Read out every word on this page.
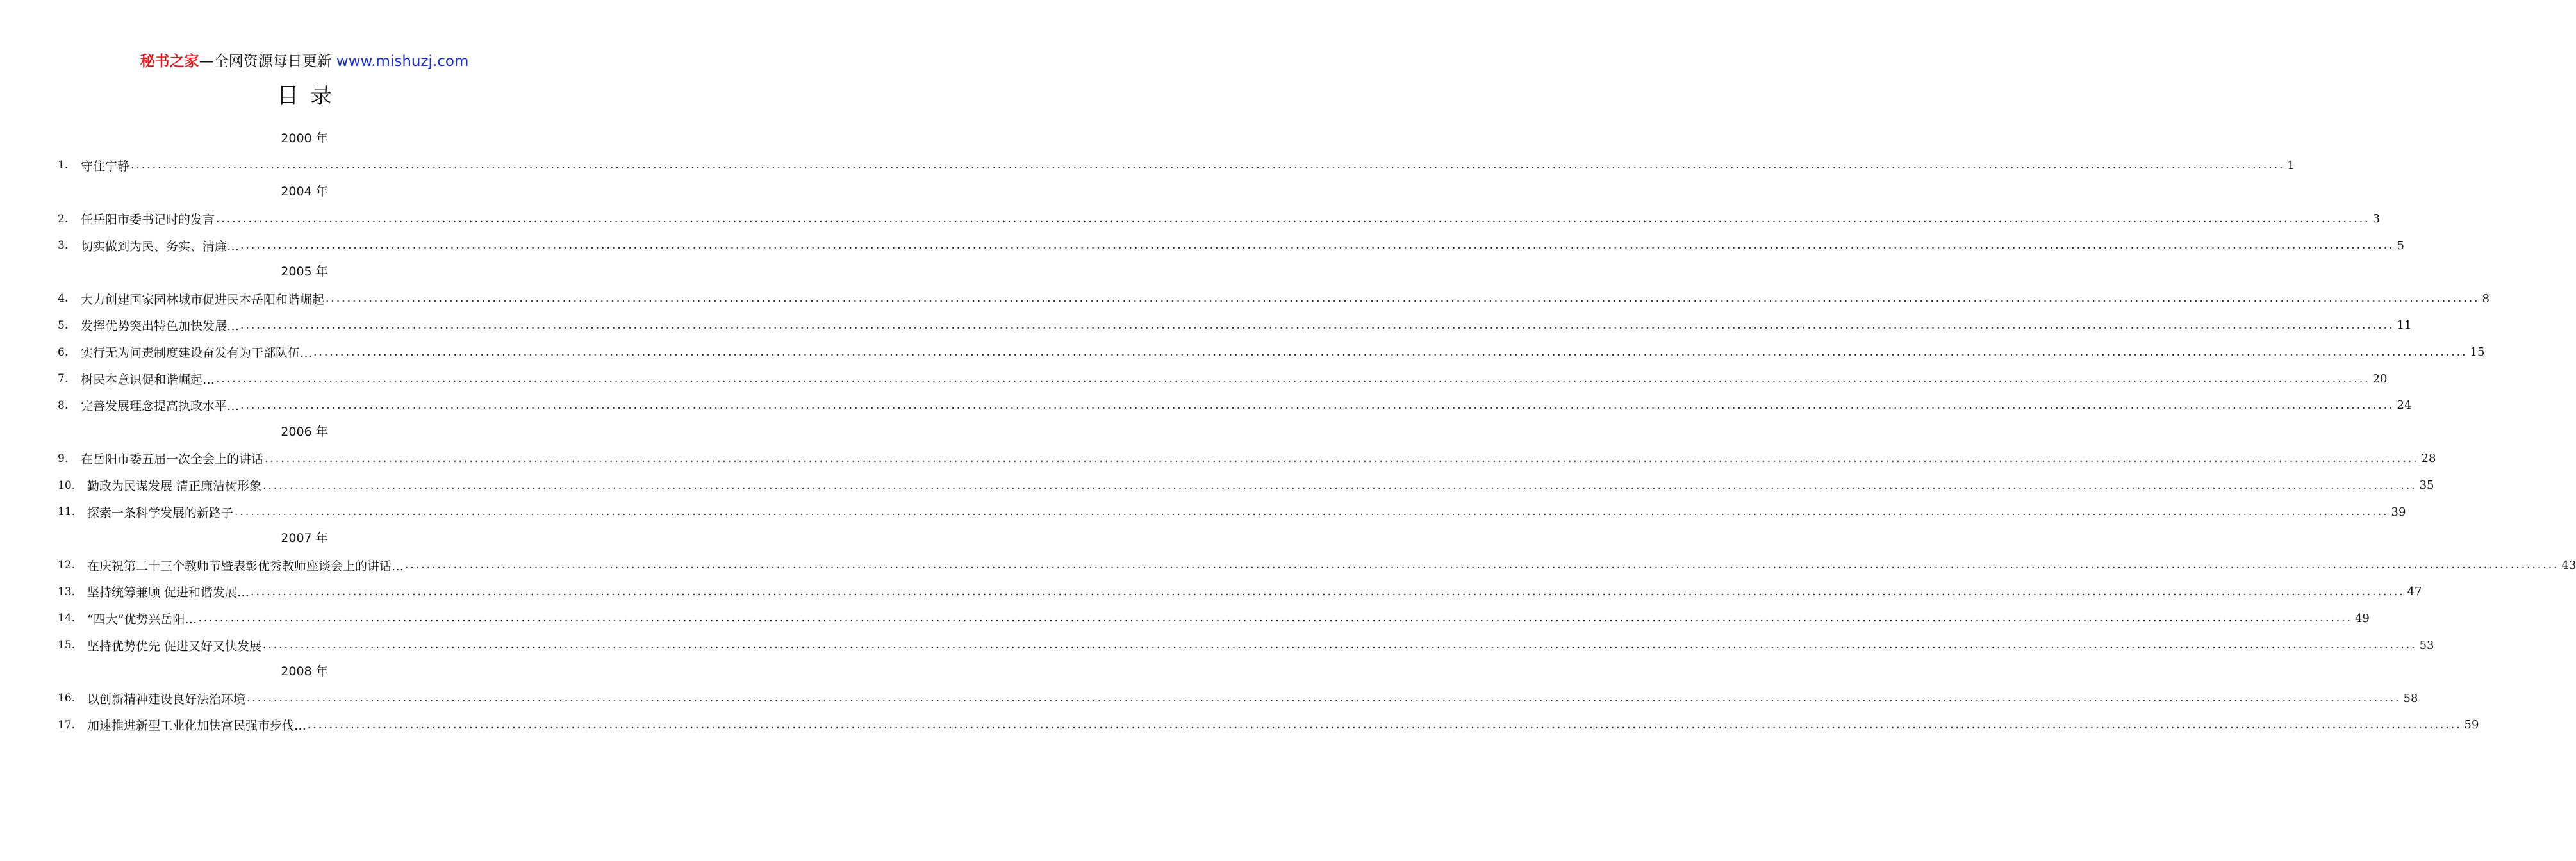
秘书之家—全网资源每日更新 www.mishuzj.com
目录
2000 年
1.	守住宁静 ................................................................................................................................................................................................................................................................................................................................................................................................................ 1
2004 年
2.	任岳阳市委书记时的发言 ................................................................................................................................................................................................................................................................................................................................................................................................................ 3
3.	切实做到为民、务实、清廉… ................................................................................................................................................................................................................................................................................................................................................................................................................ 5
2005 年
4.	大力创建国家园林城市促进民本岳阳和谐崛起 ................................................................................................................................................................................................................................................................................................................................................................................................................ 8
5.	发挥优势突出特色加快发展… ................................................................................................................................................................................................................................................................................................................................................................................................................ 11
6.	实行无为问责制度建设奋发有为干部队伍… ................................................................................................................................................................................................................................................................................................................................................................................................................ 15
7.	树民本意识促和谐崛起… ................................................................................................................................................................................................................................................................................................................................................................................................................ 20
8.	完善发展理念提高执政水平… ................................................................................................................................................................................................................................................................................................................................................................................................................ 24
2006 年
9.	在岳阳市委五届一次全会上的讲话 ................................................................................................................................................................................................................................................................................................................................................................................................................ 28
10. 勤政为民谋发展 清正廉洁树形象 ................................................................................................................................................................................................................................................................................................................................................................................................................ 35
11. 探索一条科学发展的新路子 ................................................................................................................................................................................................................................................................................................................................................................................................................ 39
2007 年
12. 在庆祝第二十三个教师节暨表彰优秀教师座谈会上的讲话… ................................................................................................................................................................................................................................................................................................................................................................................................................ 43
13. 坚持统筹兼顾 促进和谐发展… ................................................................................................................................................................................................................................................................................................................................................................................................................ 47
14. “四大”优势兴岳阳… ................................................................................................................................................................................................................................................................................................................................................................................................................ 49
15. 坚持优势优先 促进又好又快发展 ................................................................................................................................................................................................................................................................................................................................................................................................................ 53
2008 年
16. 以创新精神建设良好法治环境 ................................................................................................................................................................................................................................................................................................................................................................................................................ 58
17. 加速推进新型工业化加快富民强市步伐… ................................................................................................................................................................................................................................................................................................................................................................................................................ 59
